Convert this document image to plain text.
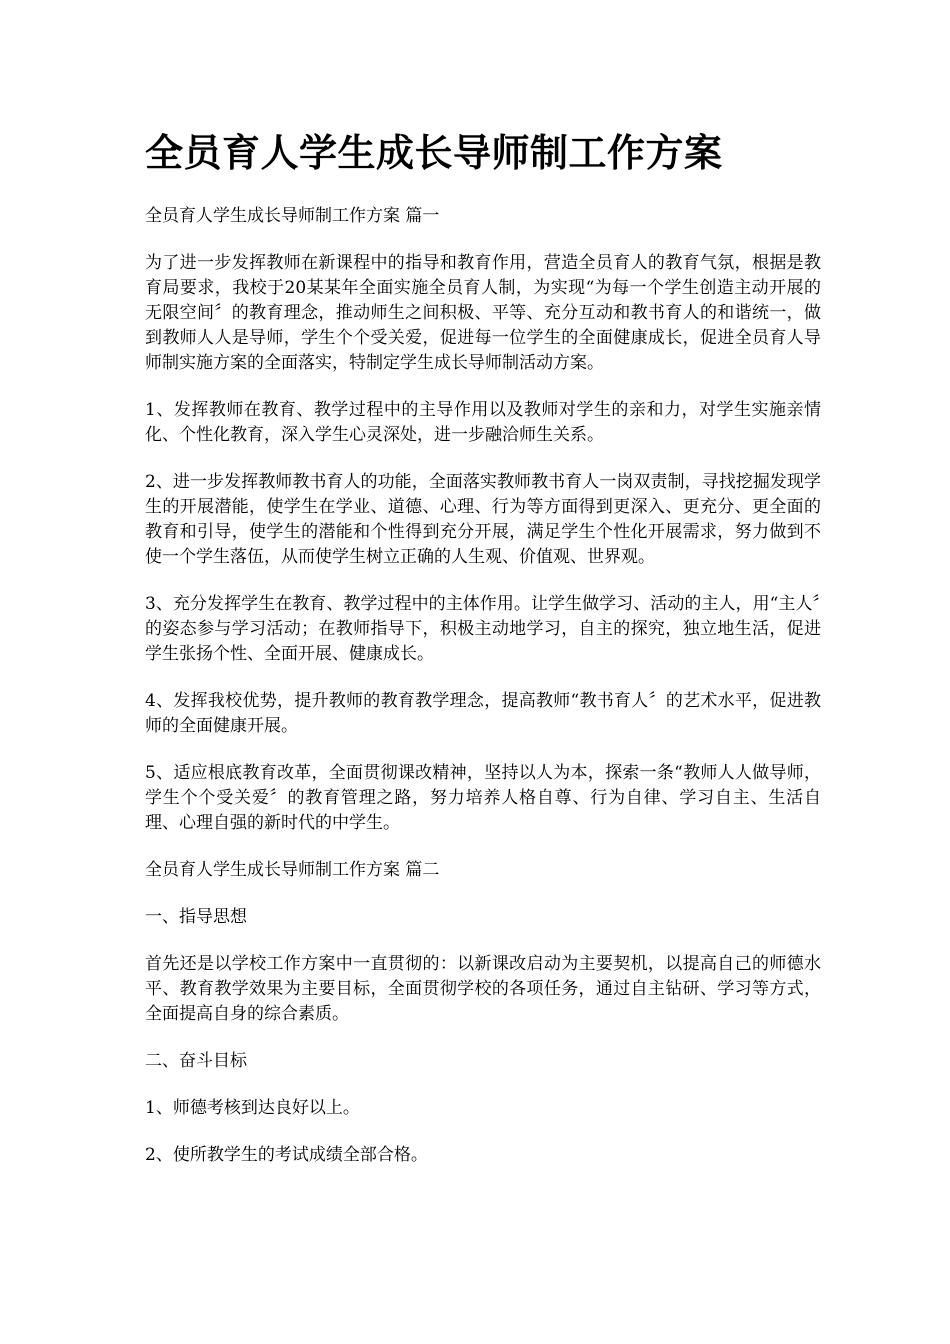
全员育人学生成长导师制工作方案

全员育人学生成长导师制工作方案 篇一

为了进一步发挥教师在新课程中的指导和教育作用，营造全员育人的教育气氛，根据是教育局要求，我校于20某某年全面实施全员育人制，为实现“为每一个学生创造主动开展的无限空间〞的教育理念，推动师生之间积极、平等、充分互动和教书育人的和谐统一，做到教师人人是导师，学生个个受关爱，促进每一位学生的全面健康成长，促进全员育人导师制实施方案的全面落实，特制定学生成长导师制活动方案。

1、发挥教师在教育、教学过程中的主导作用以及教师对学生的亲和力，对学生实施亲情化、个性化教育，深入学生心灵深处，进一步融洽师生关系。

2、进一步发挥教师教书育人的功能，全面落实教师教书育人一岗双责制，寻找挖掘发现学生的开展潜能，使学生在学业、道德、心理、行为等方面得到更深入、更充分、更全面的教育和引导，使学生的潜能和个性得到充分开展，满足学生个性化开展需求，努力做到不使一个学生落伍，从而使学生树立正确的人生观、价值观、世界观。

3、充分发挥学生在教育、教学过程中的主体作用。让学生做学习、活动的主人，用“主人〞的姿态参与学习活动；在教师指导下，积极主动地学习，自主的探究，独立地生活，促进学生张扬个性、全面开展、健康成长。

4、发挥我校优势，提升教师的教育教学理念，提高教师“教书育人〞的艺术水平，促进教师的全面健康开展。

5、适应根底教育改革，全面贯彻课改精神，坚持以人为本，探索一条“教师人人做导师，学生个个受关爱〞的教育管理之路，努力培养人格自尊、行为自律、学习自主、生活自理、心理自强的新时代的中学生。

全员育人学生成长导师制工作方案 篇二

一、指导思想

首先还是以学校工作方案中一直贯彻的：以新课改启动为主要契机，以提高自己的师德水平、教育教学效果为主要目标，全面贯彻学校的各项任务，通过自主钻研、学习等方式，全面提高自身的综合素质。

二、奋斗目标

1、师德考核到达良好以上。

2、使所教学生的考试成绩全部合格。
